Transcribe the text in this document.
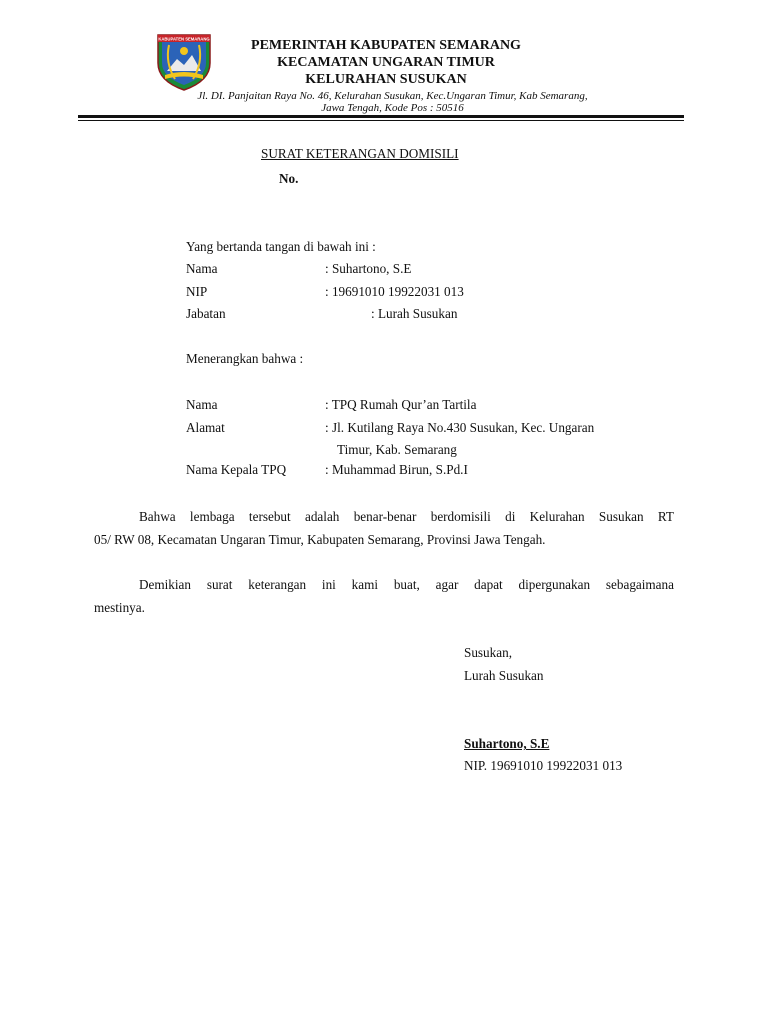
KABUPATEN SEMARANG	PEMERINTAH KABUPATEN SEMARANG
KECAMATAN UNGARAN TIMUR
KELURAHAN SUSUKAN
Jl. DI. Panjaitan Raya No. 46, Kelurahan Susukan, Kec.Ungaran Timur, Kab Semarang,
Jawa Tengah, Kode Pos : 50516
SURAT KETERANGAN DOMISILI
No.
Yang bertanda tangan di bawah ini :
Nama	: Suhartono, S.E
NIP	: 19691010 19922031 013
Jabatan	: Lurah Susukan
Menerangkan bahwa :
Nama	: TPQ Rumah Qur’an Tartila
Alamat	: Jl. Kutilang Raya No.430 Susukan, Kec. Ungaran
Timur, Kab. Semarang
Nama Kepala TPQ	: Muhammad Birun, S.Pd.I
Bahwa lembaga tersebut adalah benar-benar berdomisili di Kelurahan Susukan RT
05/ RW 08, Kecamatan Ungaran Timur, Kabupaten Semarang, Provinsi Jawa Tengah.
Demikian surat keterangan ini kami buat, agar dapat dipergunakan sebagaimana
mestinya.
Susukan,
Lurah Susukan
Suhartono, S.E
NIP. 19691010 19922031 013
